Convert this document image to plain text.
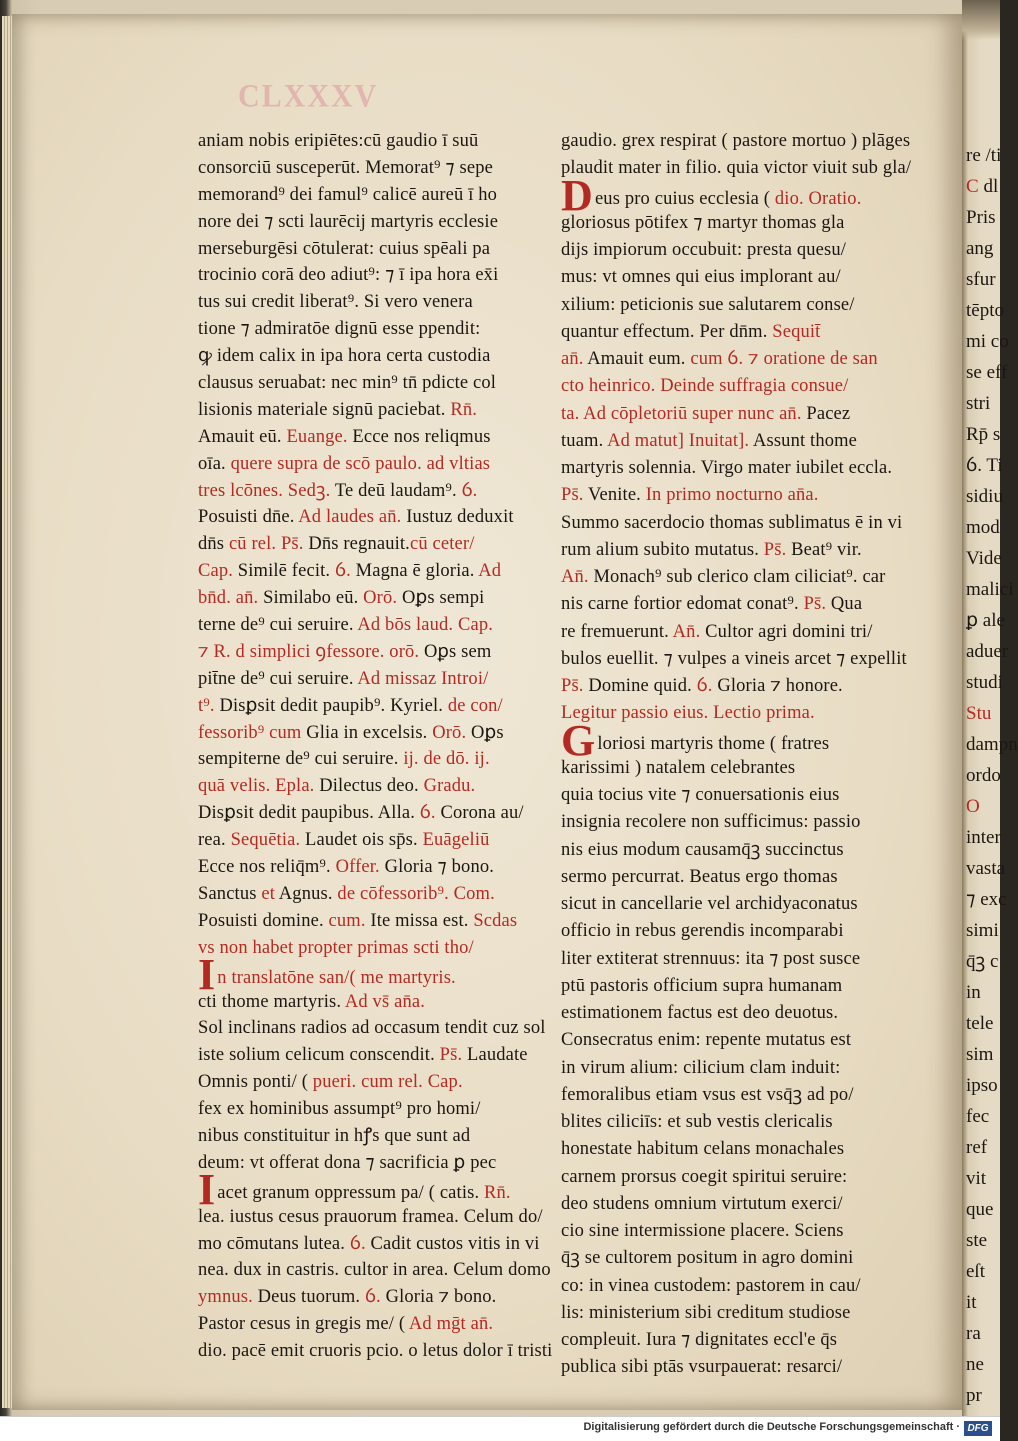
re /ti
C dl
Pris
ang
sfur
tēpto
mi co
se eff
stri
Rp̄ s
ỽ. Ti
sidiu
mod
Vide
malici
ꝑ ale
aduer
studi
Stu
dampn
ordo
O
inter
vasta
⁊ exc
simi
q̄ꝫ c
in
tele
sim
ipso
fec
ref
vit
que
ste
eſt
it
ra
ne
pr
CLXXXV
aniam nobis eripiētes:cū gaudio ī suū
consorciū susceperūt. Memorat⁹ ⁊ sepe
memorand⁹ dei famul⁹ calicē aureū ī ho
nore dei ⁊ scti laurēcij martyris ecclesie
merseburgēsi cōtulerat: cuius spēali pa
trocinio corā deo adiut⁹: ⁊ ī ipa hora ex̄i
tus sui credit liberat⁹. Si vero venera
tione ⁊ admiratōe dignū esse ppendit:
ꝙ idem calix in ipa hora certa custodia
clausus seruabat: nec min⁹ tn̄ pdicte col
lisionis materiale signū paciebat. Rn̄.
Amauit eū. Euange. Ecce nos reliqmus
oīa. quere supra de scō paulo. ad vltias
tres lcōnes. Sedꝫ. Te deū laudam⁹. ỽ.
Posuisti dn̄e. Ad laudes an̄. Iustuz deduxit
dn̄s cū rel. Ps̄. Dn̄s regnauit.cū ceter/
Cap. Similē fecit. ỽ. Magna ē gloria. Ad
bn̄d. an̄. Similabo eū. Orō. Oꝑs sempi
terne de⁹ cui seruire. Ad bōs laud. Cap.
⁊ R. d simplici ꝯfessore. orō. Oꝑs sem
pit̄ne de⁹ cui seruire. Ad missaz Introi/
t⁹. Disꝑsit dedit paupib⁹. Kyriel. de con/
fessorib⁹ cum Glia in excelsis. Orō. Oꝑs
sempiterne de⁹ cui seruire. ij. de dō. ij.
quā velis. Epla. Dilectus deo. Gradu.
Disꝑsit dedit paupibus. Alla. ỽ. Corona au/
rea. Sequētia. Laudet ois sp̄s. Euāgeliū
Ecce nos reliq̄m⁹. Offer. Gloria ⁊ bono.
Sanctus et Agnus. de cōfessorib⁹. Com.
Posuisti domine. cum. Ite missa est. Scdas
vs non habet propter primas scti tho/
In translatōne san/( me martyris.
cti thome martyris. Ad vs̄ an̄a.
Sol inclinans radios ad occasum tendit cuz sol
iste solium celicum conscendit. Ps̄. Laudate
Omnis ponti/ ( pueri. cum rel. Cap.
fex ex hominibus assumpt⁹ pro homi/
nibus constituitur in hꝭs que sunt ad
deum: vt offerat dona ⁊ sacrificia ꝑ pec
Iacet granum oppressum pa/ ( catis. Rn̄.
lea. iustus cesus prauorum framea. Celum do/
mo cōmutans lutea. ỽ. Cadit custos vitis in vi
nea. dux in castris. cultor in area. Celum domo
ymnus. Deus tuorum. ỽ. Gloria ⁊ bono.
Pastor cesus in gregis me/ ( Ad mḡt an̄.
dio. pacē emit cruoris pcio. o letus dolor ī tristi
gaudio. grex respirat ( pastore mortuo ) plāges
plaudit mater in filio. quia victor viuit sub gla/
Deus pro cuius ecclesia ( dio. Oratio.
gloriosus pōtifex ⁊ martyr thomas gla
dijs impiorum occubuit: presta quesu/
mus: vt omnes qui eius implorant au/
xilium: peticionis sue salutarem conse/
quantur effectum. Per dn̄m. Sequit̄
an̄. Amauit eum. cum ỽ. ⁊ oratione de san
cto heinrico. Deinde suffragia consue/
ta. Ad cōpletoriū super nunc an̄. Pacez
tuam. Ad matut] Inuitat]. Assunt thome
martyris solennia. Virgo mater iubilet eccla.
Ps̄. Venite. In primo nocturno an̄a.
Summo sacerdocio thomas sublimatus ē in vi
rum alium subito mutatus. Ps̄. Beat⁹ vir.
An̄. Monach⁹ sub clerico clam ciliciat⁹. car
nis carne fortior edomat conat⁹. Ps̄. Qua
re fremuerunt. An̄. Cultor agri domini tri/
bulos euellit. ⁊ vulpes a vineis arcet ⁊ expellit
Ps̄. Domine quid. ỽ. Gloria ⁊ honore.
Legitur passio eius. Lectio prima.
Gloriosi martyris thome ( fratres
karissimi ) natalem celebrantes
quia tocius vite ⁊ conuersationis eius
insignia recolere non sufficimus: passio
nis eius modum causamq̄ꝫ succinctus
sermo percurrat. Beatus ergo thomas
sicut in cancellarie vel archidyaconatus
officio in rebus gerendis incomparabi
liter extiterat strennuus: ita ⁊ post susce
ptū pastoris officium supra humanam
estimationem factus est deo deuotus.
Consecratus enim: repente mutatus est
in virum alium: cilicium clam induit:
femoralibus etiam vsus est vsq̄ꝫ ad po/
blites ciliciīs: et sub vestis clericalis
honestate habitum celans monachales
carnem prorsus coegit spiritui seruire:
deo studens omnium virtutum exerci/
cio sine intermissione placere. Sciens
q̄ꝫ se cultorem positum in agro domini
co: in vinea custodem: pastorem in cau/
lis: ministerium sibi creditum studiose
compleuit. Iura ⁊ dignitates eccl'e q̄s
publica sibi ptās vsurpauerat: resarci/
Digitalisierung gefördert durch die Deutsche Forschungsgemeinschaft · DFG
